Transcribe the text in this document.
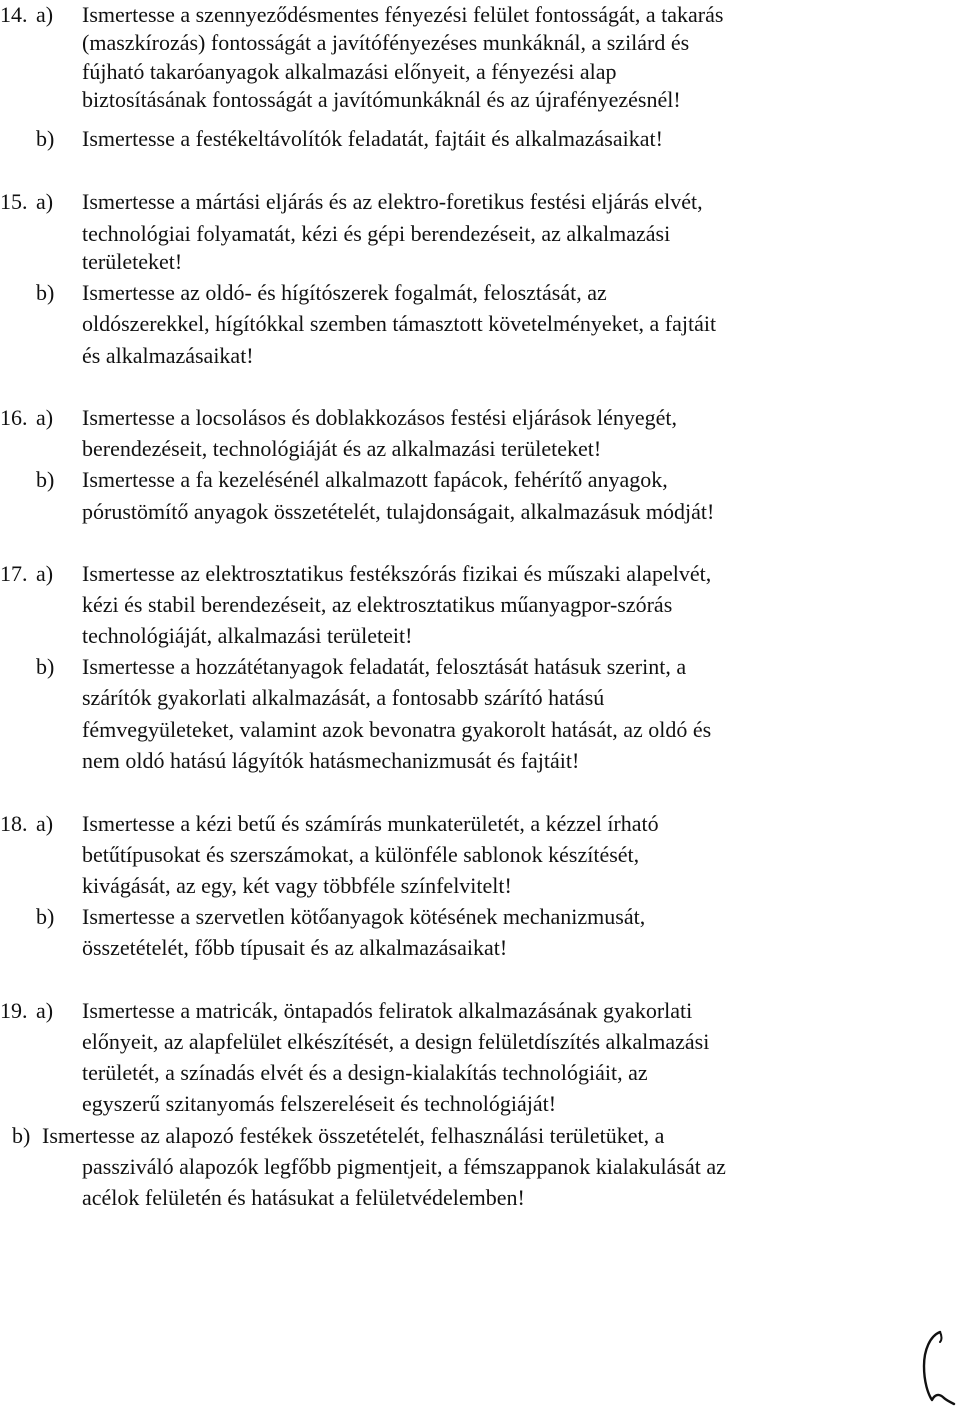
14. a) Ismertesse a szennyeződésmentes fényezési felület fontosságát, a takarás
(maszkírozás) fontosságát a javítófényezéses munkáknál, a szilárd és
fújható takaróanyagok alkalmazási előnyeit, a fényezési alap
biztosításának fontosságát a javítómunkáknál és az újrafényezésnél!
b) Ismertesse a festékeltávolítók feladatát, fajtáit és alkalmazásaikat!
15. a) Ismertesse a mártási eljárás és az elektro-foretikus festési eljárás elvét,
technológiai folyamatát, kézi és gépi berendezéseit, az alkalmazási
területeket!
b) Ismertesse az oldó- és hígítószerek fogalmát, felosztását, az
oldószerekkel, hígítókkal szemben támasztott követelményeket, a fajtáit
és alkalmazásaikat!
16. a) Ismertesse a locsolásos és doblakkozásos festési eljárások lényegét,
berendezéseit, technológiáját és az alkalmazási területeket!
b) Ismertesse a fa kezelésénél alkalmazott fapácok, fehérítő anyagok,
pórustömítő anyagok összetételét, tulajdonságait, alkalmazásuk módját!
17. a) Ismertesse az elektrosztatikus festékszórás fizikai és műszaki alapelvét,
kézi és stabil berendezéseit, az elektrosztatikus műanyagpor-szórás
technológiáját, alkalmazási területeit!
b) Ismertesse a hozzátétanyagok feladatát, felosztását hatásuk szerint, a
szárítók gyakorlati alkalmazását, a fontosabb szárító hatású
fémvegyületeket, valamint azok bevonatra gyakorolt hatását, az oldó és
nem oldó hatású lágyítók hatásmechanizmusát és fajtáit!
18. a) Ismertesse a kézi betű és számírás munkaterületét, a kézzel írható
betűtípusokat és szerszámokat, a különféle sablonok készítését,
kivágását, az egy, két vagy többféle színfelvitelt!
b) Ismertesse a szervetlen kötőanyagok kötésének mechanizmusát,
összetételét, főbb típusait és az alkalmazásaikat!
19. a) Ismertesse a matricák, öntapadós feliratok alkalmazásának gyakorlati
előnyeit, az alapfelület elkészítését, a design felületdíszítés alkalmazási
területét, a színadás elvét és a design-kialakítás technológiáit, az
egyszerű szitanyomás felszereléseit és technológiáját!
b) Ismertesse az alapozó festékek összetételét, felhasználási területüket, a
passziváló alapozók legfőbb pigmentjeit, a fémszappanok kialakulását az
acélok felületén és hatásukat a felületvédelemben!
